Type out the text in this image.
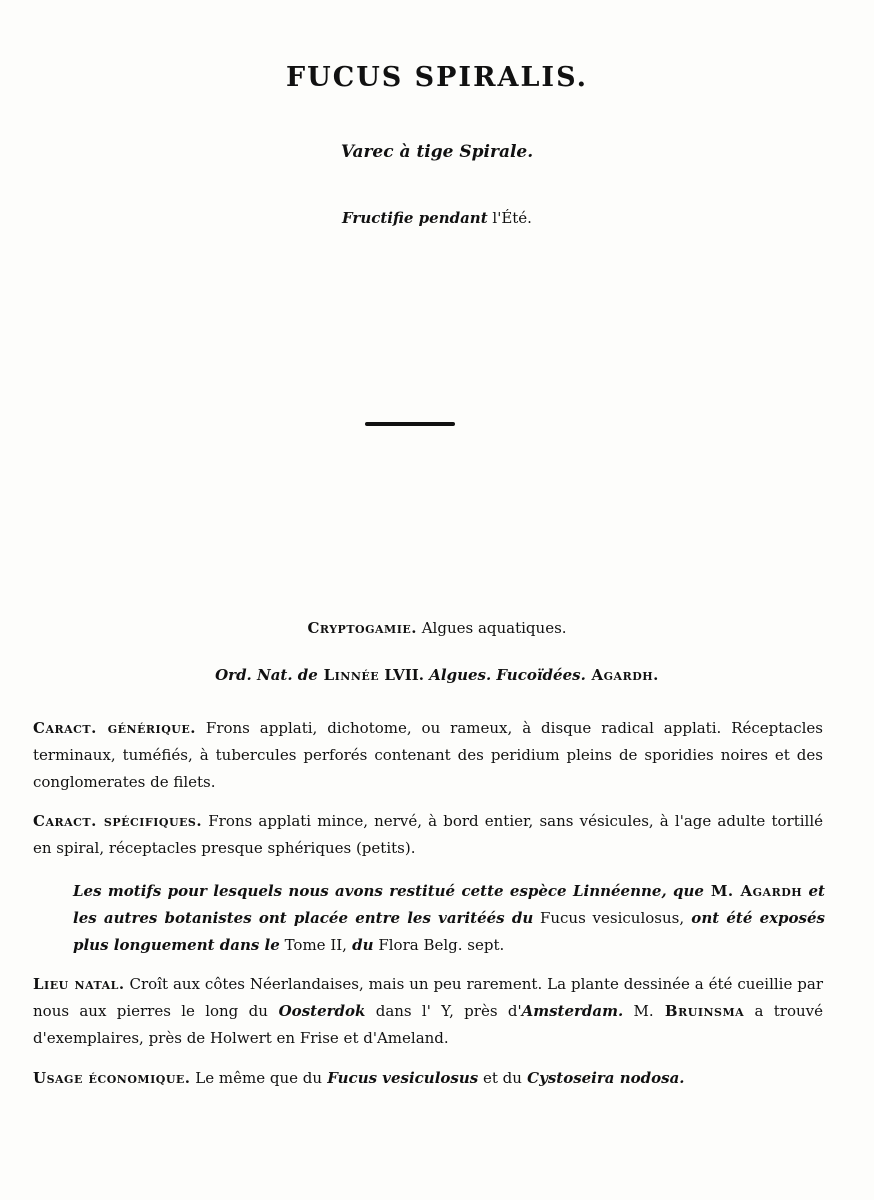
FUCUS SPIRALIS.
Varec à tige Spirale.
Fructifie pendant l'Été.
Cryptogamie. Algues aquatiques.
Ord. Nat. de Linnée LVII. Algues. Fucoïdées. Agardh.
Caract. générique. Frons applati, dichotome, ou rameux, à disque radical applati. Réceptacles terminaux, tuméfiés, à tubercules perforés contenant des peridium pleins de sporidies noires et des conglomerates de filets.
Caract. spécifiques. Frons applati mince, nervé, à bord entier, sans vésicules, à l'age adulte tortillé en spiral, réceptacles presque sphériques (petits).
Les motifs pour lesquels nous avons restitué cette espèce Linnéenne, que M. Agardh et les autres botanistes ont placée entre les varitéés du Fucus vesiculosus, ont été exposés plus longuement dans le Tome II, du Flora Belg. sept.
Lieu natal. Croît aux côtes Néerlandaises, mais un peu rarement. La plante dessinée a été cueillie par nous aux pierres le long du Oosterdok dans l' Y, près d'Amsterdam. M. Bruinsma a trouvé d'exemplaires, près de Holwert en Frise et d'Ameland.
Usage économique. Le même que du Fucus vesiculosus et du Cystoseira nodosa.
